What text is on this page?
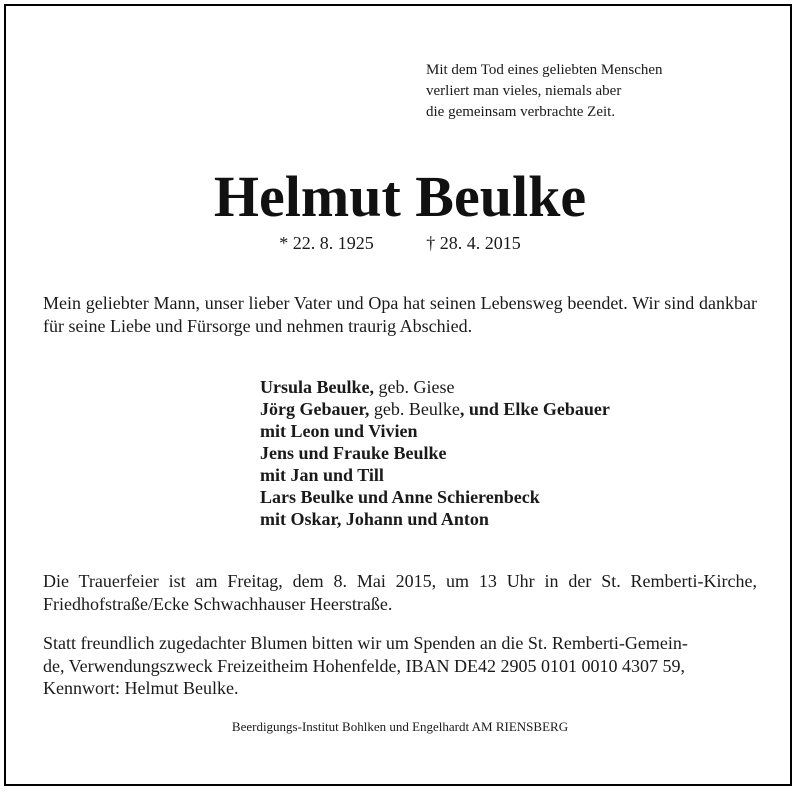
Mit dem Tod eines geliebten Menschen
verliert man vieles, niemals aber
die gemeinsam verbrachte Zeit.
Helmut Beulke
* 22. 8. 1925	† 28. 4. 2015
Mein geliebter Mann, unser lieber Vater und Opa hat seinen Lebensweg beendet. Wir sind dankbar für seine Liebe und Fürsorge und nehmen traurig Abschied.
Ursula Beulke, geb. Giese
Jörg Gebauer, geb. Beulke, und Elke Gebauer
mit Leon und Vivien
Jens und Frauke Beulke
mit Jan und Till
Lars Beulke und Anne Schierenbeck
mit Oskar, Johann und Anton
Die Trauerfeier ist am Freitag, dem 8. Mai 2015, um 13 Uhr in der St. Remberti-Kirche, Friedhofstraße/Ecke Schwachhauser Heerstraße.
Statt freundlich zugedachter Blumen bitten wir um Spenden an die St. Remberti-Gemein-
de, Verwendungszweck Freizeitheim Hohenfelde, IBAN DE42 2905 0101 0010 4307 59,
Kennwort: Helmut Beulke.
Beerdigungs-Institut Bohlken und Engelhardt AM RIENSBERG
